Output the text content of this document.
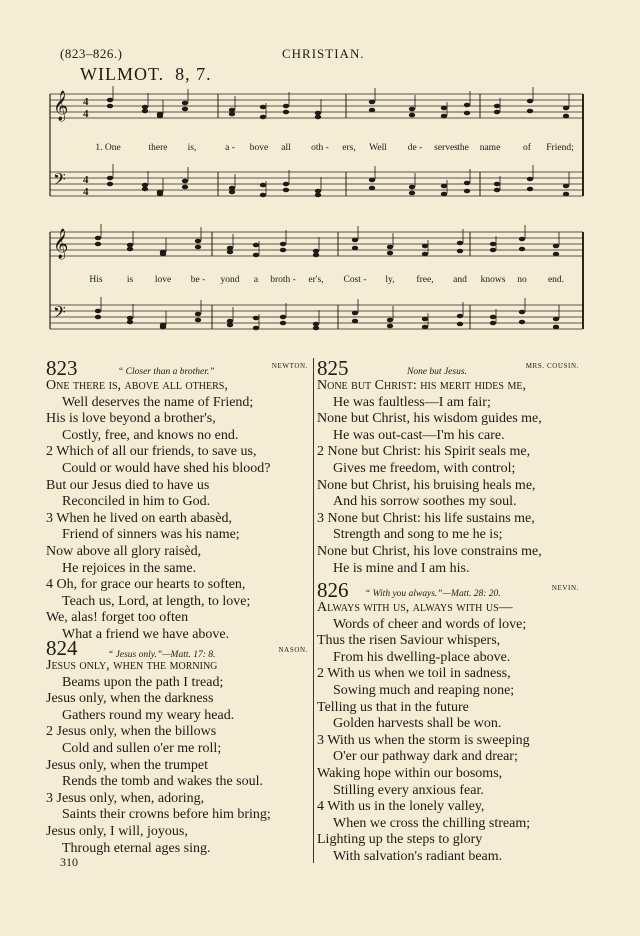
(823–826.)	CHRISTIAN.
WILMOT. 8, 7.
𝄞
𝄢
4
4
4
4
𝄞
𝄢
1. One	there is,	a - bove all oth - ers, Well de - serves the name of Friend;
His	is love be - yond a broth - er's, Cost - ly, free, and knows no end.
823	“ Closer than a brother.”
NEWTON.
One there is, above all others,
Well deserves the name of Friend;
His is love beyond a brother's,
Costly, free, and knows no end.
2 Which of all our friends, to save us,
Could or would have shed his blood?
But our Jesus died to have us
Reconciled in him to God.
3 When he lived on earth abasèd,
Friend of sinners was his name;
Now above all glory raisèd,
He rejoices in the same.
4 Oh, for grace our hearts to soften,
Teach us, Lord, at length, to love;
We, alas! forget too often
What a friend we have above.
824	“ Jesus only.”—Matt. 17: 8.	NASON.
Jesus only, when the morning
Beams upon the path I tread;
Jesus only, when the darkness
Gathers round my weary head.
2 Jesus only, when the billows
Cold and sullen o'er me roll;
Jesus only, when the trumpet
Rends the tomb and wakes the soul.
3 Jesus only, when, adoring,
Saints their crowns before him bring;
Jesus only, I will, joyous,
Through eternal ages sing.
825	None but Jesus.
MRS. COUSIN.
None but Christ: his merit hides me,
He was faultless—I am fair;
None but Christ, his wisdom guides me,
He was out-cast—I'm his care.
2 None but Christ: his Spirit seals me,
Gives me freedom, with control;
None but Christ, his bruising heals me,
And his sorrow soothes my soul.
3 None but Christ: his life sustains me,
Strength and song to me he is;
None but Christ, his love constrains me,
He is mine and I am his.
826 “ With you always.”—Matt. 28: 20.
NEVIN.
Always with us, always with us—
Words of cheer and words of love;
Thus the risen Saviour whispers,
From his dwelling-place above.
2 With us when we toil in sadness,
Sowing much and reaping none;
Telling us that in the future
Golden harvests shall be won.
3 With us when the storm is sweeping
O'er our pathway dark and drear;
Waking hope within our bosoms,
Stilling every anxious fear.
4 With us in the lonely valley,
When we cross the chilling stream;
Lighting up the steps to glory
With salvation's radiant beam.
310
